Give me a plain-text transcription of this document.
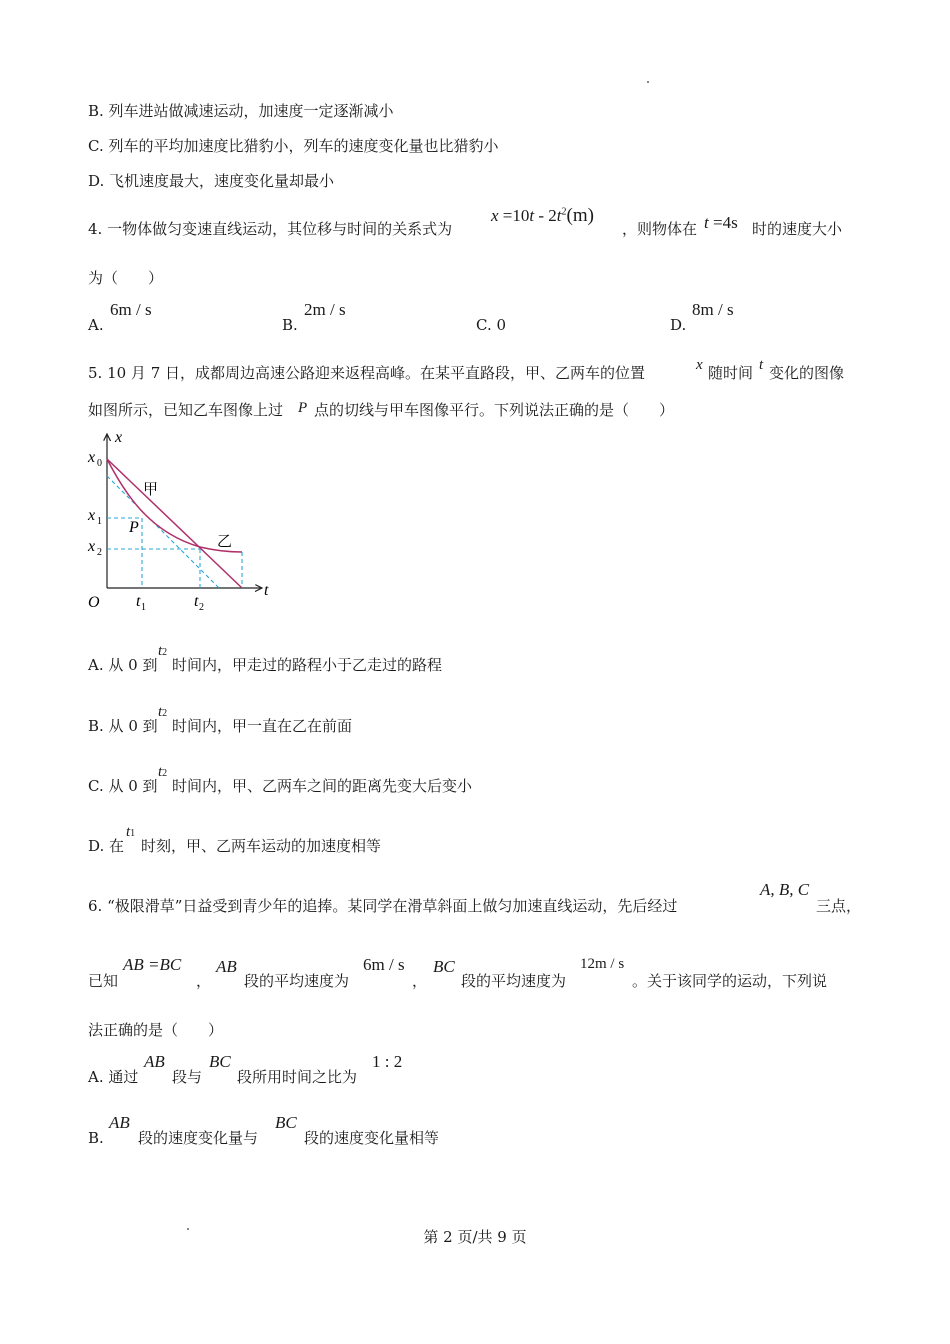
B. 列车进站做减速运动，加速度一定逐渐减小
C. 列车的平均加速度比猎豹小，列车的速度变化量也比猎豹小
D. 飞机速度最大，速度变化量却最小
4. 一物体做匀变速直线运动，其位移与时间的关系式为
$x =10t - 2t^2(m)$
，则物体在 t =4s 时的速度大小
为（　　）
A.
6m / s
B.
2m / s
C. 0	D.
8m / s
5. 10 月 7 日，成都周边高速公路迎来返程高峰。在某平直路段，甲、乙两车的位置	x 随时间 t 变化的图像
如图所示，已知乙车图像上过 P 点的切线与甲车图像平行。下列说法正确的是（　　）
x
t
O
x 0
x 1
x 2
t 1	t 2
P
甲
乙
A. 从 0 到
t2
时间内，甲走过的路程小于乙走过的路程
B. 从 0 到
t2
时间内，甲一直在乙在前面
C. 从 0 到
t2
时间内，甲、乙两车之间的距离先变大后变小
D. 在
t1
时刻，甲、乙两车运动的加速度相等
6. “极限滑草”日益受到青少年的追捧。某同学在滑草斜面上做匀加速直线运动，先后经过
A, B, C
三点，
已知
AB =BC
，
AB
段的平均速度为
6m / s
，
BC
段的平均速度为
12m / s
。关于该同学的运动，下列说
法正确的是（　　）
A. 通过
AB
段与
BC
段所用时间之比为
1 : 2
B.
AB
段的速度变化量与
BC
段的速度变化量相等
第 2 页/共 9 页
